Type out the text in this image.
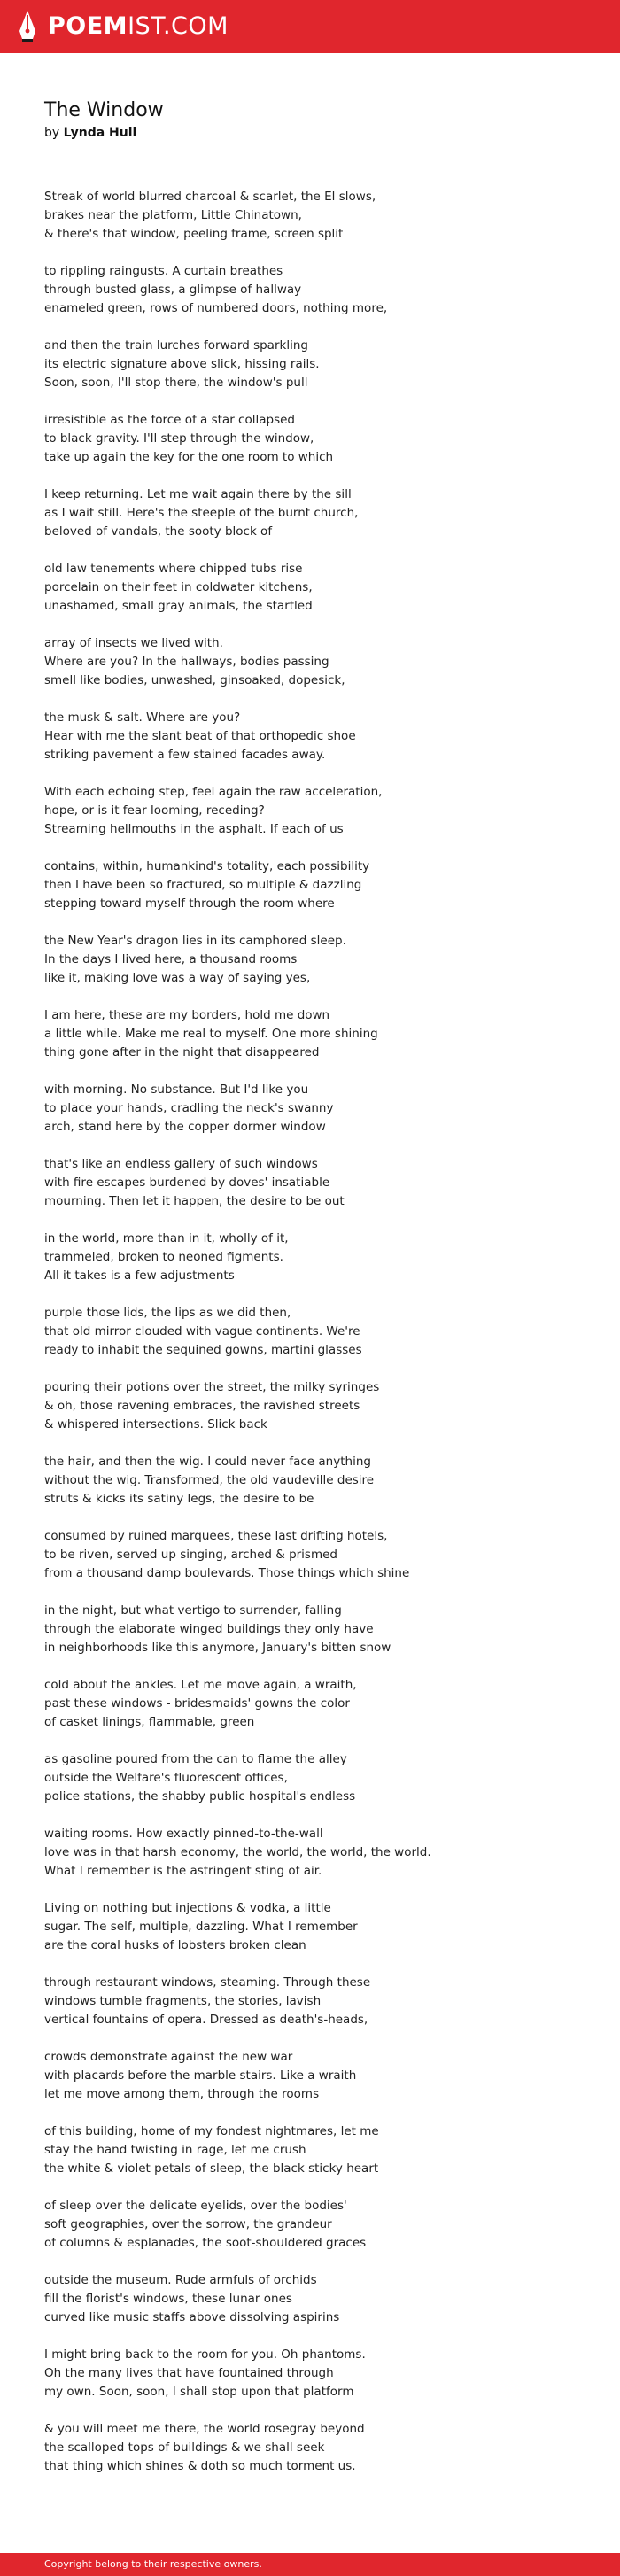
POEMIST.COM
The Window
by Lynda Hull
Streak of world blurred charcoal & scarlet, the El slows,
brakes near the platform, Little Chinatown,
& there's that window, peeling frame, screen split
to rippling raingusts. A curtain breathes
through busted glass, a glimpse of hallway
enameled green, rows of numbered doors, nothing more,
and then the train lurches forward sparkling
its electric signature above slick, hissing rails.
Soon, soon, I'll stop there, the window's pull
irresistible as the force of a star collapsed
to black gravity. I'll step through the window,
take up again the key for the one room to which
I keep returning. Let me wait again there by the sill
as I wait still. Here's the steeple of the burnt church,
beloved of vandals, the sooty block of
old law tenements where chipped tubs rise
porcelain on their feet in coldwater kitchens,
unashamed, small gray animals, the startled
array of insects we lived with.
Where are you? In the hallways, bodies passing
smell like bodies, unwashed, ginsoaked, dopesick,
the musk & salt. Where are you?
Hear with me the slant beat of that orthopedic shoe
striking pavement a few stained facades away.
With each echoing step, feel again the raw acceleration,
hope, or is it fear looming, receding?
Streaming hellmouths in the asphalt. If each of us
contains, within, humankind's totality, each possibility
then I have been so fractured, so multiple & dazzling
stepping toward myself through the room where
the New Year's dragon lies in its camphored sleep.
In the days I lived here, a thousand rooms
like it, making love was a way of saying yes,
I am here, these are my borders, hold me down
a little while. Make me real to myself. One more shining
thing gone after in the night that disappeared
with morning. No substance. But I'd like you
to place your hands, cradling the neck's swanny
arch, stand here by the copper dormer window
that's like an endless gallery of such windows
with fire escapes burdened by doves' insatiable
mourning. Then let it happen, the desire to be out
in the world, more than in it, wholly of it,
trammeled, broken to neoned figments.
All it takes is a few adjustments—
purple those lids, the lips as we did then,
that old mirror clouded with vague continents. We're
ready to inhabit the sequined gowns, martini glasses
pouring their potions over the street, the milky syringes
& oh, those ravening embraces, the ravished streets
& whispered intersections. Slick back
the hair, and then the wig. I could never face anything
without the wig. Transformed, the old vaudeville desire
struts & kicks its satiny legs, the desire to be
consumed by ruined marquees, these last drifting hotels,
to be riven, served up singing, arched & prismed
from a thousand damp boulevards. Those things which shine
in the night, but what vertigo to surrender, falling
through the elaborate winged buildings they only have
in neighborhoods like this anymore, January's bitten snow
cold about the ankles. Let me move again, a wraith,
past these windows - bridesmaids' gowns the color
of casket linings, flammable, green
as gasoline poured from the can to flame the alley
outside the Welfare's fluorescent offices,
police stations, the shabby public hospital's endless
waiting rooms. How exactly pinned-to-the-wall
love was in that harsh economy, the world, the world, the world.
What I remember is the astringent sting of air.
Living on nothing but injections & vodka, a little
sugar. The self, multiple, dazzling. What I remember
are the coral husks of lobsters broken clean
through restaurant windows, steaming. Through these
windows tumble fragments, the stories, lavish
vertical fountains of opera. Dressed as death's-heads,
crowds demonstrate against the new war
with placards before the marble stairs. Like a wraith
let me move among them, through the rooms
of this building, home of my fondest nightmares, let me
stay the hand twisting in rage, let me crush
the white & violet petals of sleep, the black sticky heart
of sleep over the delicate eyelids, over the bodies'
soft geographies, over the sorrow, the grandeur
of columns & esplanades, the soot-shouldered graces
outside the museum. Rude armfuls of orchids
fill the florist's windows, these lunar ones
curved like music staffs above dissolving aspirins
I might bring back to the room for you. Oh phantoms.
Oh the many lives that have fountained through
my own. Soon, soon, I shall stop upon that platform
& you will meet me there, the world rosegray beyond
the scalloped tops of buildings & we shall seek
that thing which shines & doth so much torment us.
Copyright belong to their respective owners.
